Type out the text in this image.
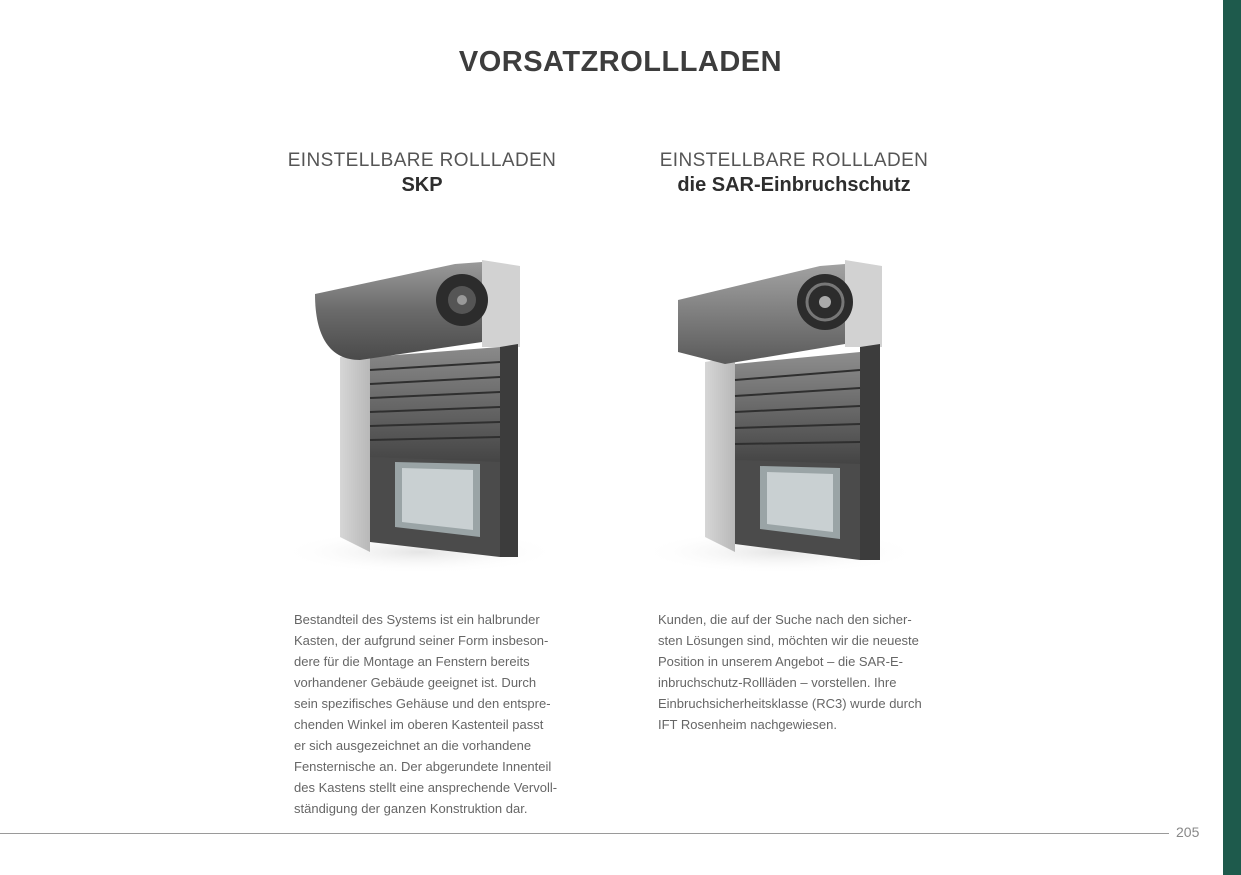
VORSATZROLLLADEN
EINSTELLBARE ROLLLADEN
SKP
Bestandteil des Systems ist ein halbrunder
Kasten, der aufgrund seiner Form insbeson-
dere für die Montage an Fenstern bereits
vorhandener Gebäude geeignet ist. Durch
sein spezifisches Gehäuse und den entspre-
chenden Winkel im oberen Kastenteil passt
er sich ausgezeichnet an die vorhandene
Fensternische an. Der abgerundete Innenteil
des Kastens stellt eine ansprechende Vervoll-
ständigung der ganzen Konstruktion dar.
EINSTELLBARE ROLLLADEN
die SAR-Einbruchschutz
Kunden, die auf der Suche nach den sicher-
sten Lösungen sind, möchten wir die neueste
Position in unserem Angebot – die SAR-E-
inbruchschutz-Rollläden – vorstellen. Ihre
Einbruchsicherheitsklasse (RC3) wurde durch
IFT Rosenheim nachgewiesen.
205
